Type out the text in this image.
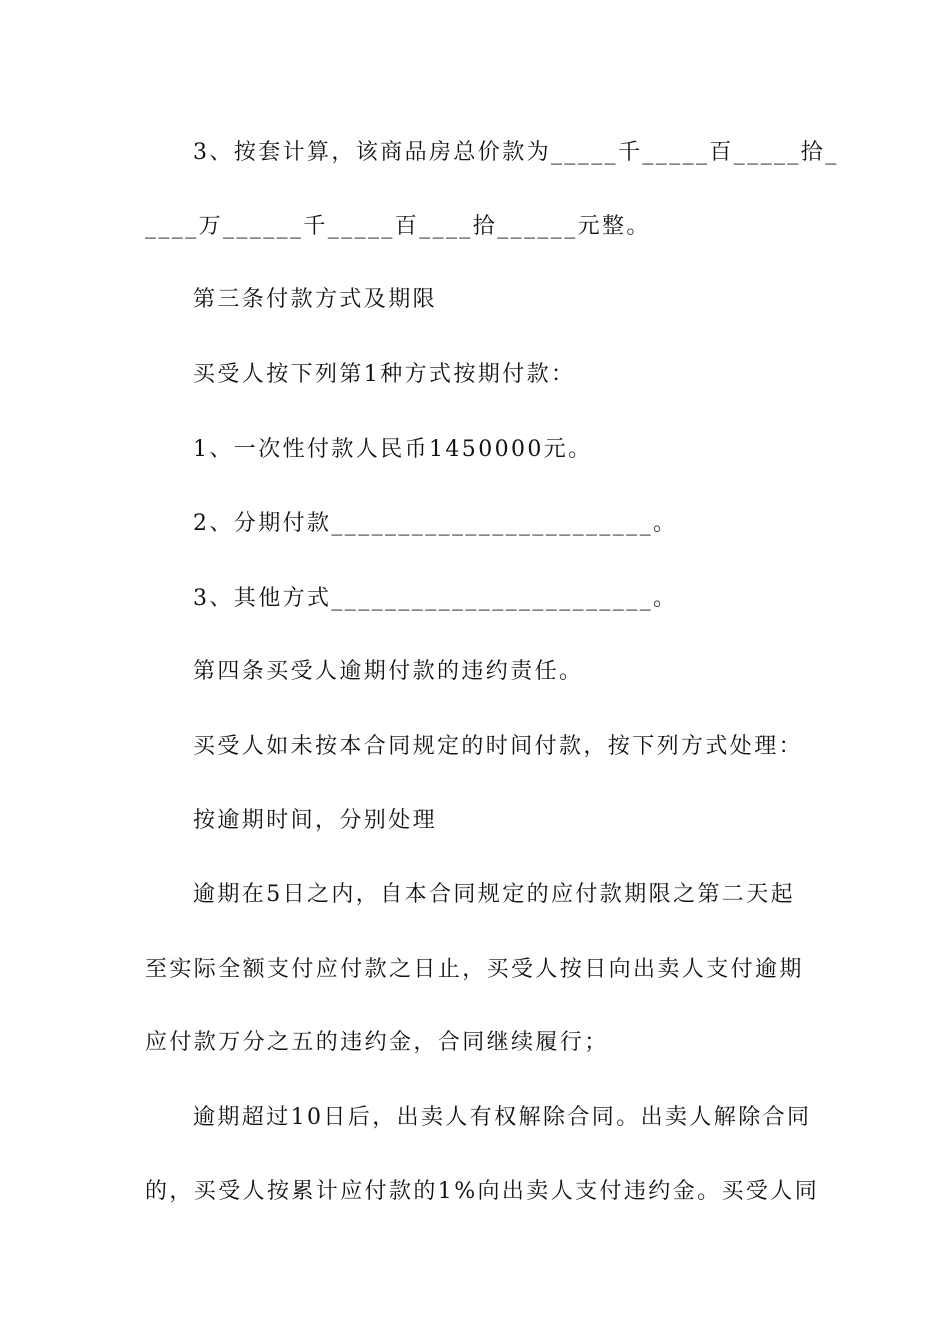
3、按套计算，该商品房总价款为_____千_____百_____拾_
____万______千_____百____拾______元整。
第三条付款方式及期限
买受人按下列第1种方式按期付款：
1、一次性付款人民币1450000元。
2、分期付款________________________。
3、其他方式________________________。
第四条买受人逾期付款的违约责任。
买受人如未按本合同规定的时间付款，按下列方式处理：
按逾期时间，分别处理
逾期在5日之内，自本合同规定的应付款期限之第二天起
至实际全额支付应付款之日止，买受人按日向出卖人支付逾期
应付款万分之五的违约金，合同继续履行；
逾期超过10日后，出卖人有权解除合同。出卖人解除合同
的，买受人按累计应付款的1%向出卖人支付违约金。买受人同
